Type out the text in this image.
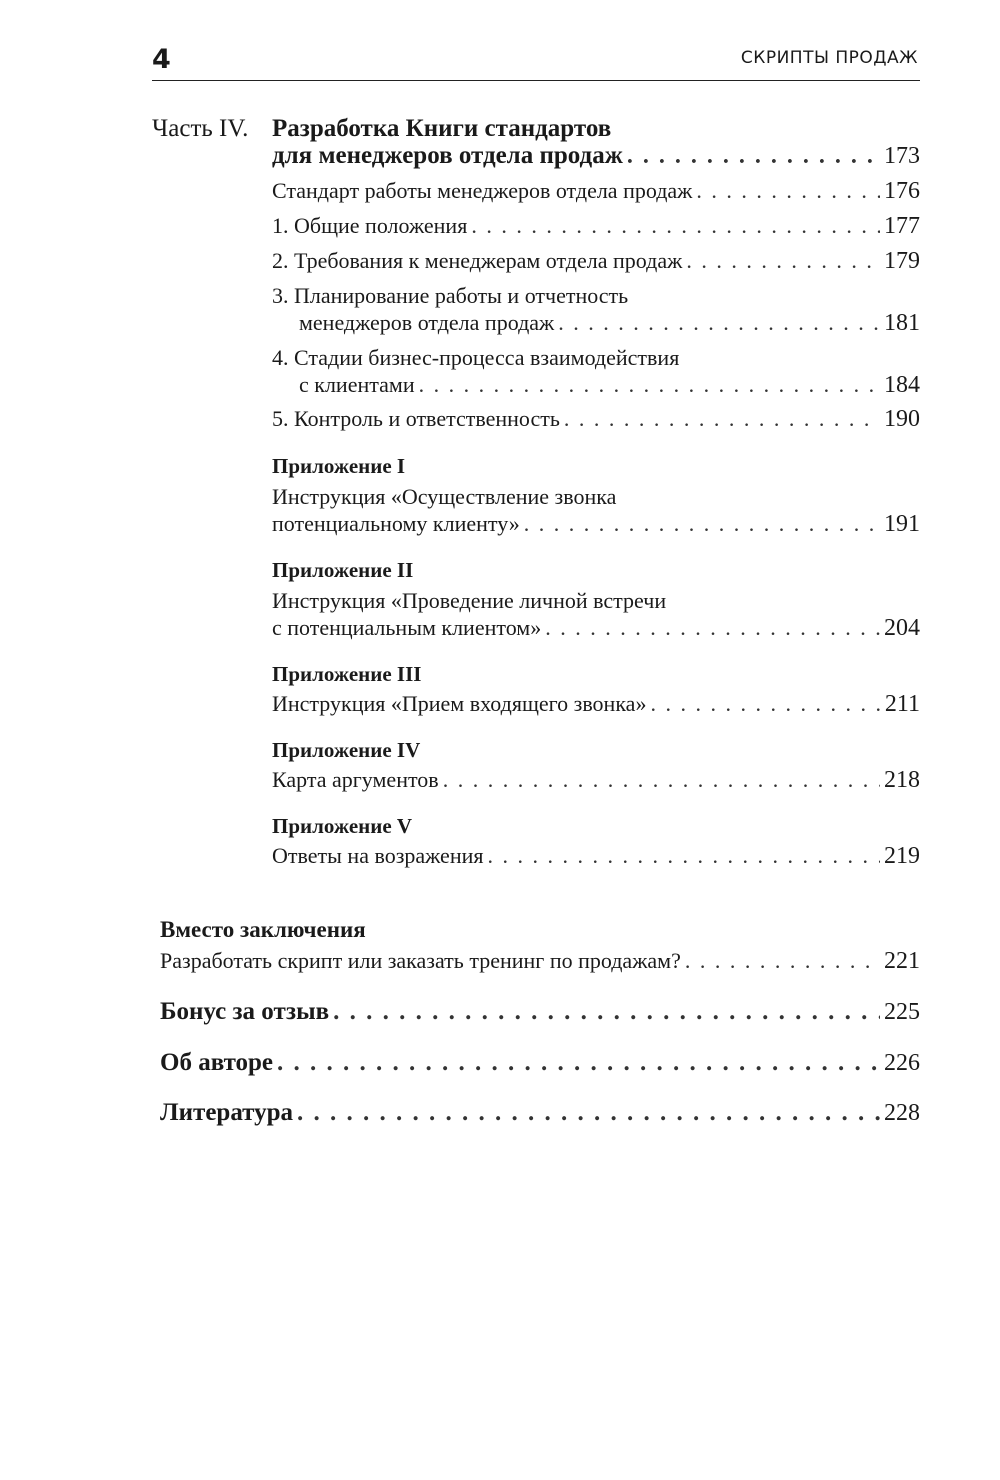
4	СКРИПТЫ ПРОДАЖ
Часть IV. Разработка Книги стандартов
для менеджеров отдела продаж . . .	173
Стандарт работы менеджеров отдела продаж . . .	176
1. Общие положения . . .	177
2. Требования к менеджерам отдела продаж . . .	179
3. Планирование работы и отчетность
менеджеров отдела продаж . . .	181
4. Стадии бизнес-процесса взаимодействия
с клиентами . . .	184
5. Контроль и ответственность . . .	190
Приложение I
Инструкция «Осуществление звонка
потенциальному клиенту» . . .	191
Приложение II
Инструкция «Проведение личной встречи
с потенциальным клиентом» . . .	204
Приложение III
Инструкция «Прием входящего звонка» . . .	211
Приложение IV
Карта аргументов . . .	218
Приложение V
Ответы на возражения . . .	219
Вместо заключения
Разработать скрипт или заказать тренинг по продажам? . . .	221
Бонус за отзыв . . .	225
Об авторе . . .	226
Литература . . .	228
